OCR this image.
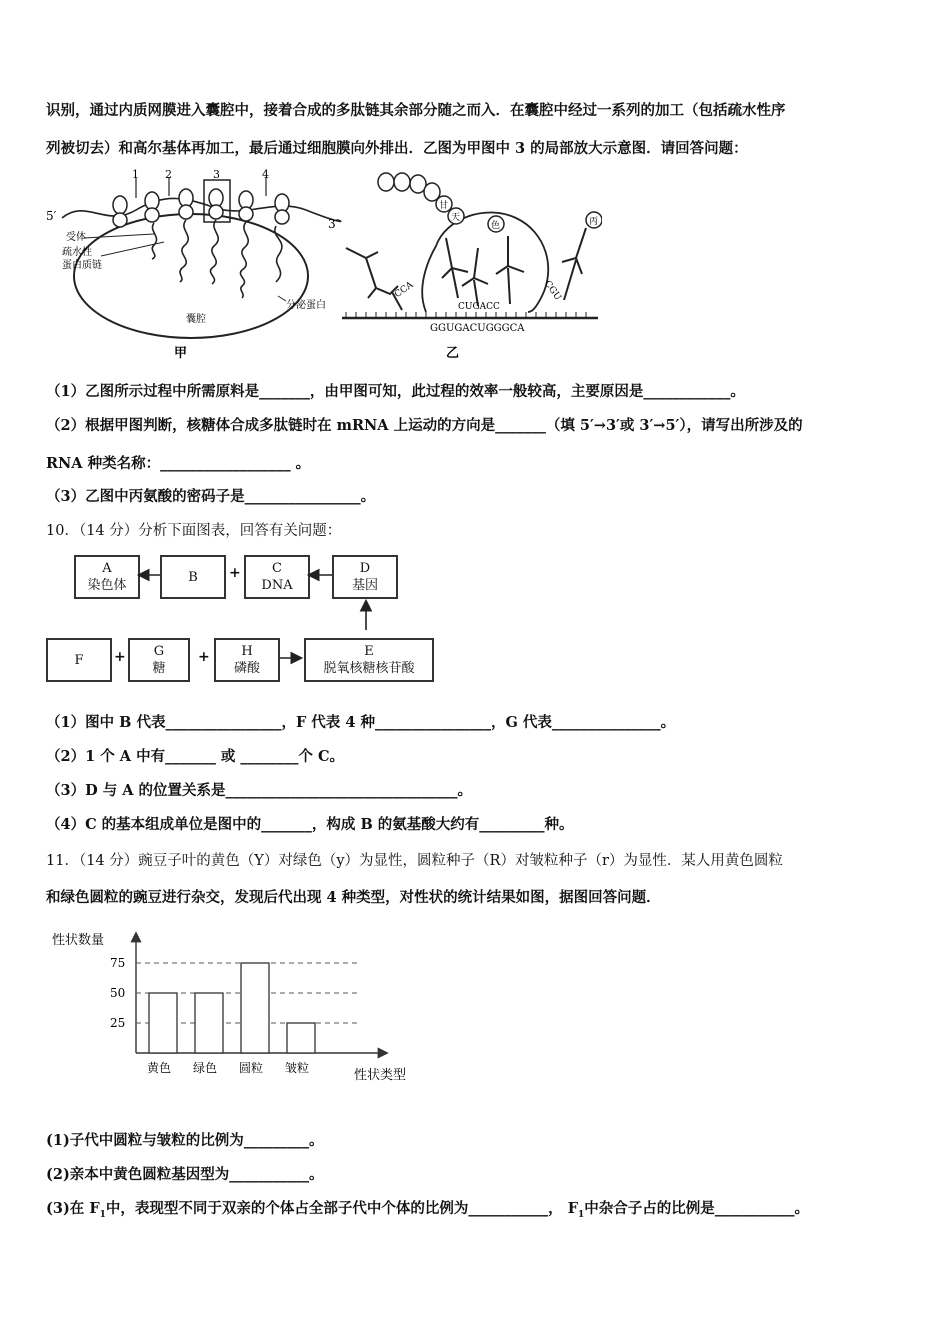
识别，通过内质网膜进入囊腔中，接着合成的多肽链其余部分随之而入．在囊腔中经过一系列的加工（包括疏水性序
列被切去）和高尔基体再加工，最后通过细胞膜向外排出．乙图为甲图中 3 的局部放大示意图．请回答问题：
5′
3′
1 2	3	4
受体
疏水性
蛋白质链
囊腔
分泌蛋白
甲
GGUGACUGGGCA
甘
天
色	丙
CCA
CUGACC
CGU
乙
（1）乙图所示过程中所需原料是_______，由甲图可知，此过程的效率一般较高，主要原因是____________。
（2）根据甲图判断，核糖体合成多肽链时在 mRNA 上运动的方向是_______（填 5′→3′或 3′→5′），请写出所涉及的
RNA 种类名称：__________________ 。
（3）乙图中丙氨酸的密码子是________________。
10．（14 分）分析下面图表，回答有关问题：
A
染色体
B
C
DNA
D
基因
+
F
G
糖
H
磷酸
E
脱氧核糖核苷酸
+	+
（1）图中 B 代表________________，F 代表 4 种________________，G 代表_______________。
（2）1 个 A 中有_______ 或 ________个 C。
（3）D 与 A 的位置关系是________________________________。
（4）C 的基本组成单位是图中的_______，构成 B 的氨基酸大约有_________种。
11．（14 分）豌豆子叶的黄色（Y）对绿色（y）为显性，圆粒种子（R）对皱粒种子（r）为显性．某人用黄色圆粒
和绿色圆粒的豌豆进行杂交，发现后代出现 4 种类型，对性状的统计结果如图，据图回答问题．
性状数量
25
50
75
黄色 绿色 圆粒 皱粒	性状类型
(1)子代中圆粒与皱粒的比例为_________。
(2)亲本中黄色圆粒基因型为___________。
(3)在 $F_1$中，表现型不同于双亲的个体占全部子代中个体的比例为___________， $F_1$中杂合子占的比例是___________。
